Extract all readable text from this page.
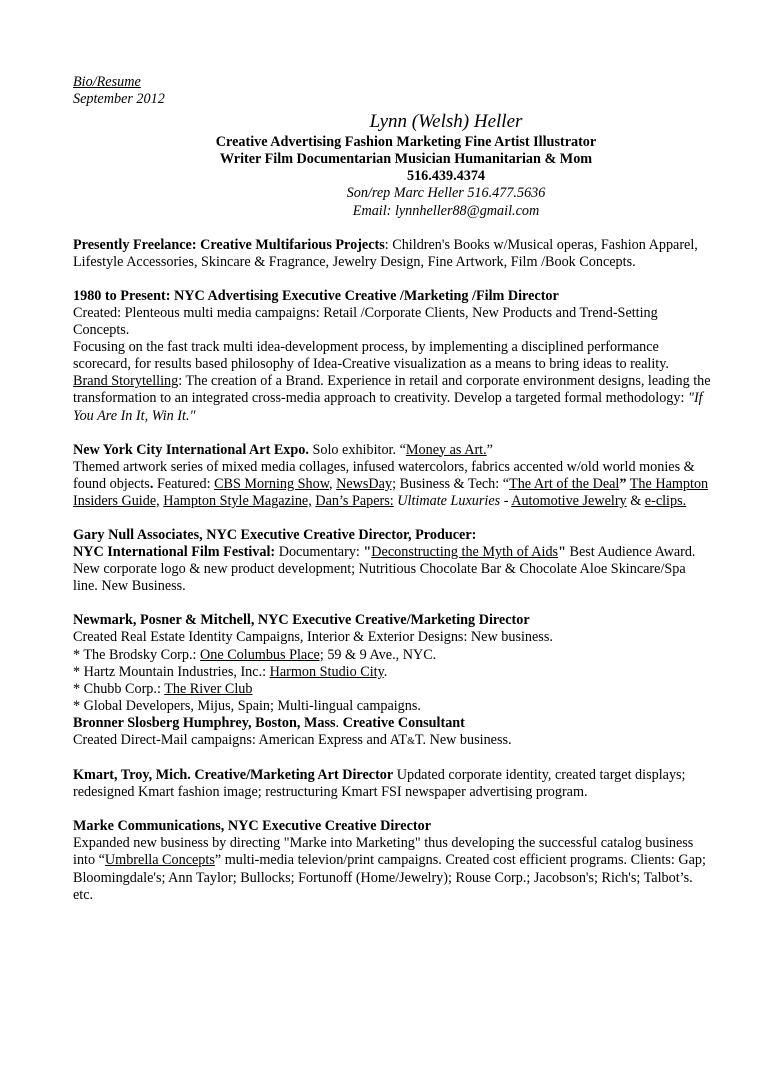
Bio/Resume

September 2012

Lynn (Welsh) Heller

Creative Advertising Fashion Marketing Fine Artist Illustrator

Writer Film Documentarian Musician Humanitarian & Mom

516.439.4374

Son/rep Marc Heller 516.477.5636

Email: lynnheller88@gmail.com

Presently Freelance: Creative Multifarious Projects: Children's Books w/Musical operas, Fashion Apparel, Lifestyle Accessories, Skincare & Fragrance, Jewelry Design, Fine Artwork, Film /Book Concepts.

1980 to Present: NYC Advertising Executive Creative /Marketing /Film Director

Created: Plenteous multi media campaigns: Retail /Corporate Clients, New Products and Trend-Setting Concepts.

Focusing on the fast track multi idea-development process, by implementing a disciplined performance scorecard, for results based philosophy of Idea-Creative visualization as a means to bring ideas to reality.

Brand Storytelling: The creation of a Brand. Experience in retail and corporate environment designs, leading the transformation to an integrated cross-media approach to creativity. Develop a targeted formal methodology: "If You Are In It, Win It."

New York City International Art Expo. Solo exhibitor. “Money as Art.”

Themed artwork series of mixed media collages, infused watercolors, fabrics accented w/old world monies & found objects. Featured: CBS Morning Show, NewsDay; Business & Tech: “The Art of the Deal” The Hampton Insiders Guide, Hampton Style Magazine, Dan’s Papers: Ultimate Luxuries - Automotive Jewelry & e-clips.

Gary Null Associates, NYC Executive Creative Director, Producer:

NYC International Film Festival: Documentary: "Deconstructing the Myth of Aids" Best Audience Award. New corporate logo & new product development; Nutritious Chocolate Bar & Chocolate Aloe Skincare/Spa line. New Business.

Newmark, Posner & Mitchell, NYC Executive Creative/Marketing Director

Created Real Estate Identity Campaigns, Interior & Exterior Designs: New business.

* The Brodsky Corp.: One Columbus Place; 59 & 9 Ave., NYC.

* Hartz Mountain Industries, Inc.: Harmon Studio City.

* Chubb Corp.: The River Club

* Global Developers, Mijus, Spain; Multi-lingual campaigns.

Bronner Slosberg Humphrey, Boston, Mass. Creative Consultant

Created Direct-Mail campaigns: American Express and AT&T. New business.

Kmart, Troy, Mich. Creative/Marketing Art Director Updated corporate identity, created target displays; redesigned Kmart fashion image; restructuring Kmart FSI newspaper advertising program.

Marke Communications, NYC Executive Creative Director

Expanded new business by directing "Marke into Marketing" thus developing the successful catalog business into “Umbrella Concepts” multi-media televion/print campaigns. Created cost efficient programs. Clients: Gap; Bloomingdale's; Ann Taylor; Bullocks; Fortunoff (Home/Jewelry); Rouse Corp.; Jacobson's; Rich's; Talbot’s. etc.
